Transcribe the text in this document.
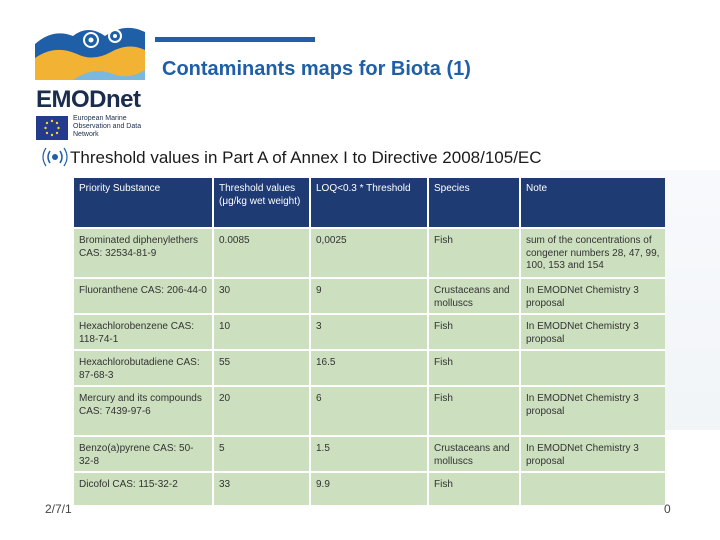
EMODnet
European Marine Observation and Data Network
Contaminants maps for Biota (1)
Threshold values in Part A of Annex I to Directive 2008/105/EC
Priority Substance	Threshold values (μg/kg wet weight)	LOQ<0.3 * Threshold	Species	Note
Brominated diphenylethers CAS: 32534-81-9	0.0085	0,0025	Fish	sum of the concentrations of congener numbers 28, 47, 99, 100, 153 and 154
Fluoranthene CAS: 206-44-0	30	9	Crustaceans and molluscs	In EMODNet Chemistry 3 proposal
Hexachlorobenzene CAS: 118-74-1	10	3	Fish	In EMODNet Chemistry 3 proposal
Hexachlorobutadiene CAS: 87-68-3	55	16.5	Fish	
Mercury and its compounds CAS: 7439-97-6	20	6	Fish	In EMODNet Chemistry 3 proposal
Benzo(a)pyrene CAS: 50-32-8	5	1.5	Crustaceans and molluscs	In EMODNet Chemistry 3 proposal
Dicofol CAS: 115-32-2	33	9.9	Fish	
2/7/1	0
